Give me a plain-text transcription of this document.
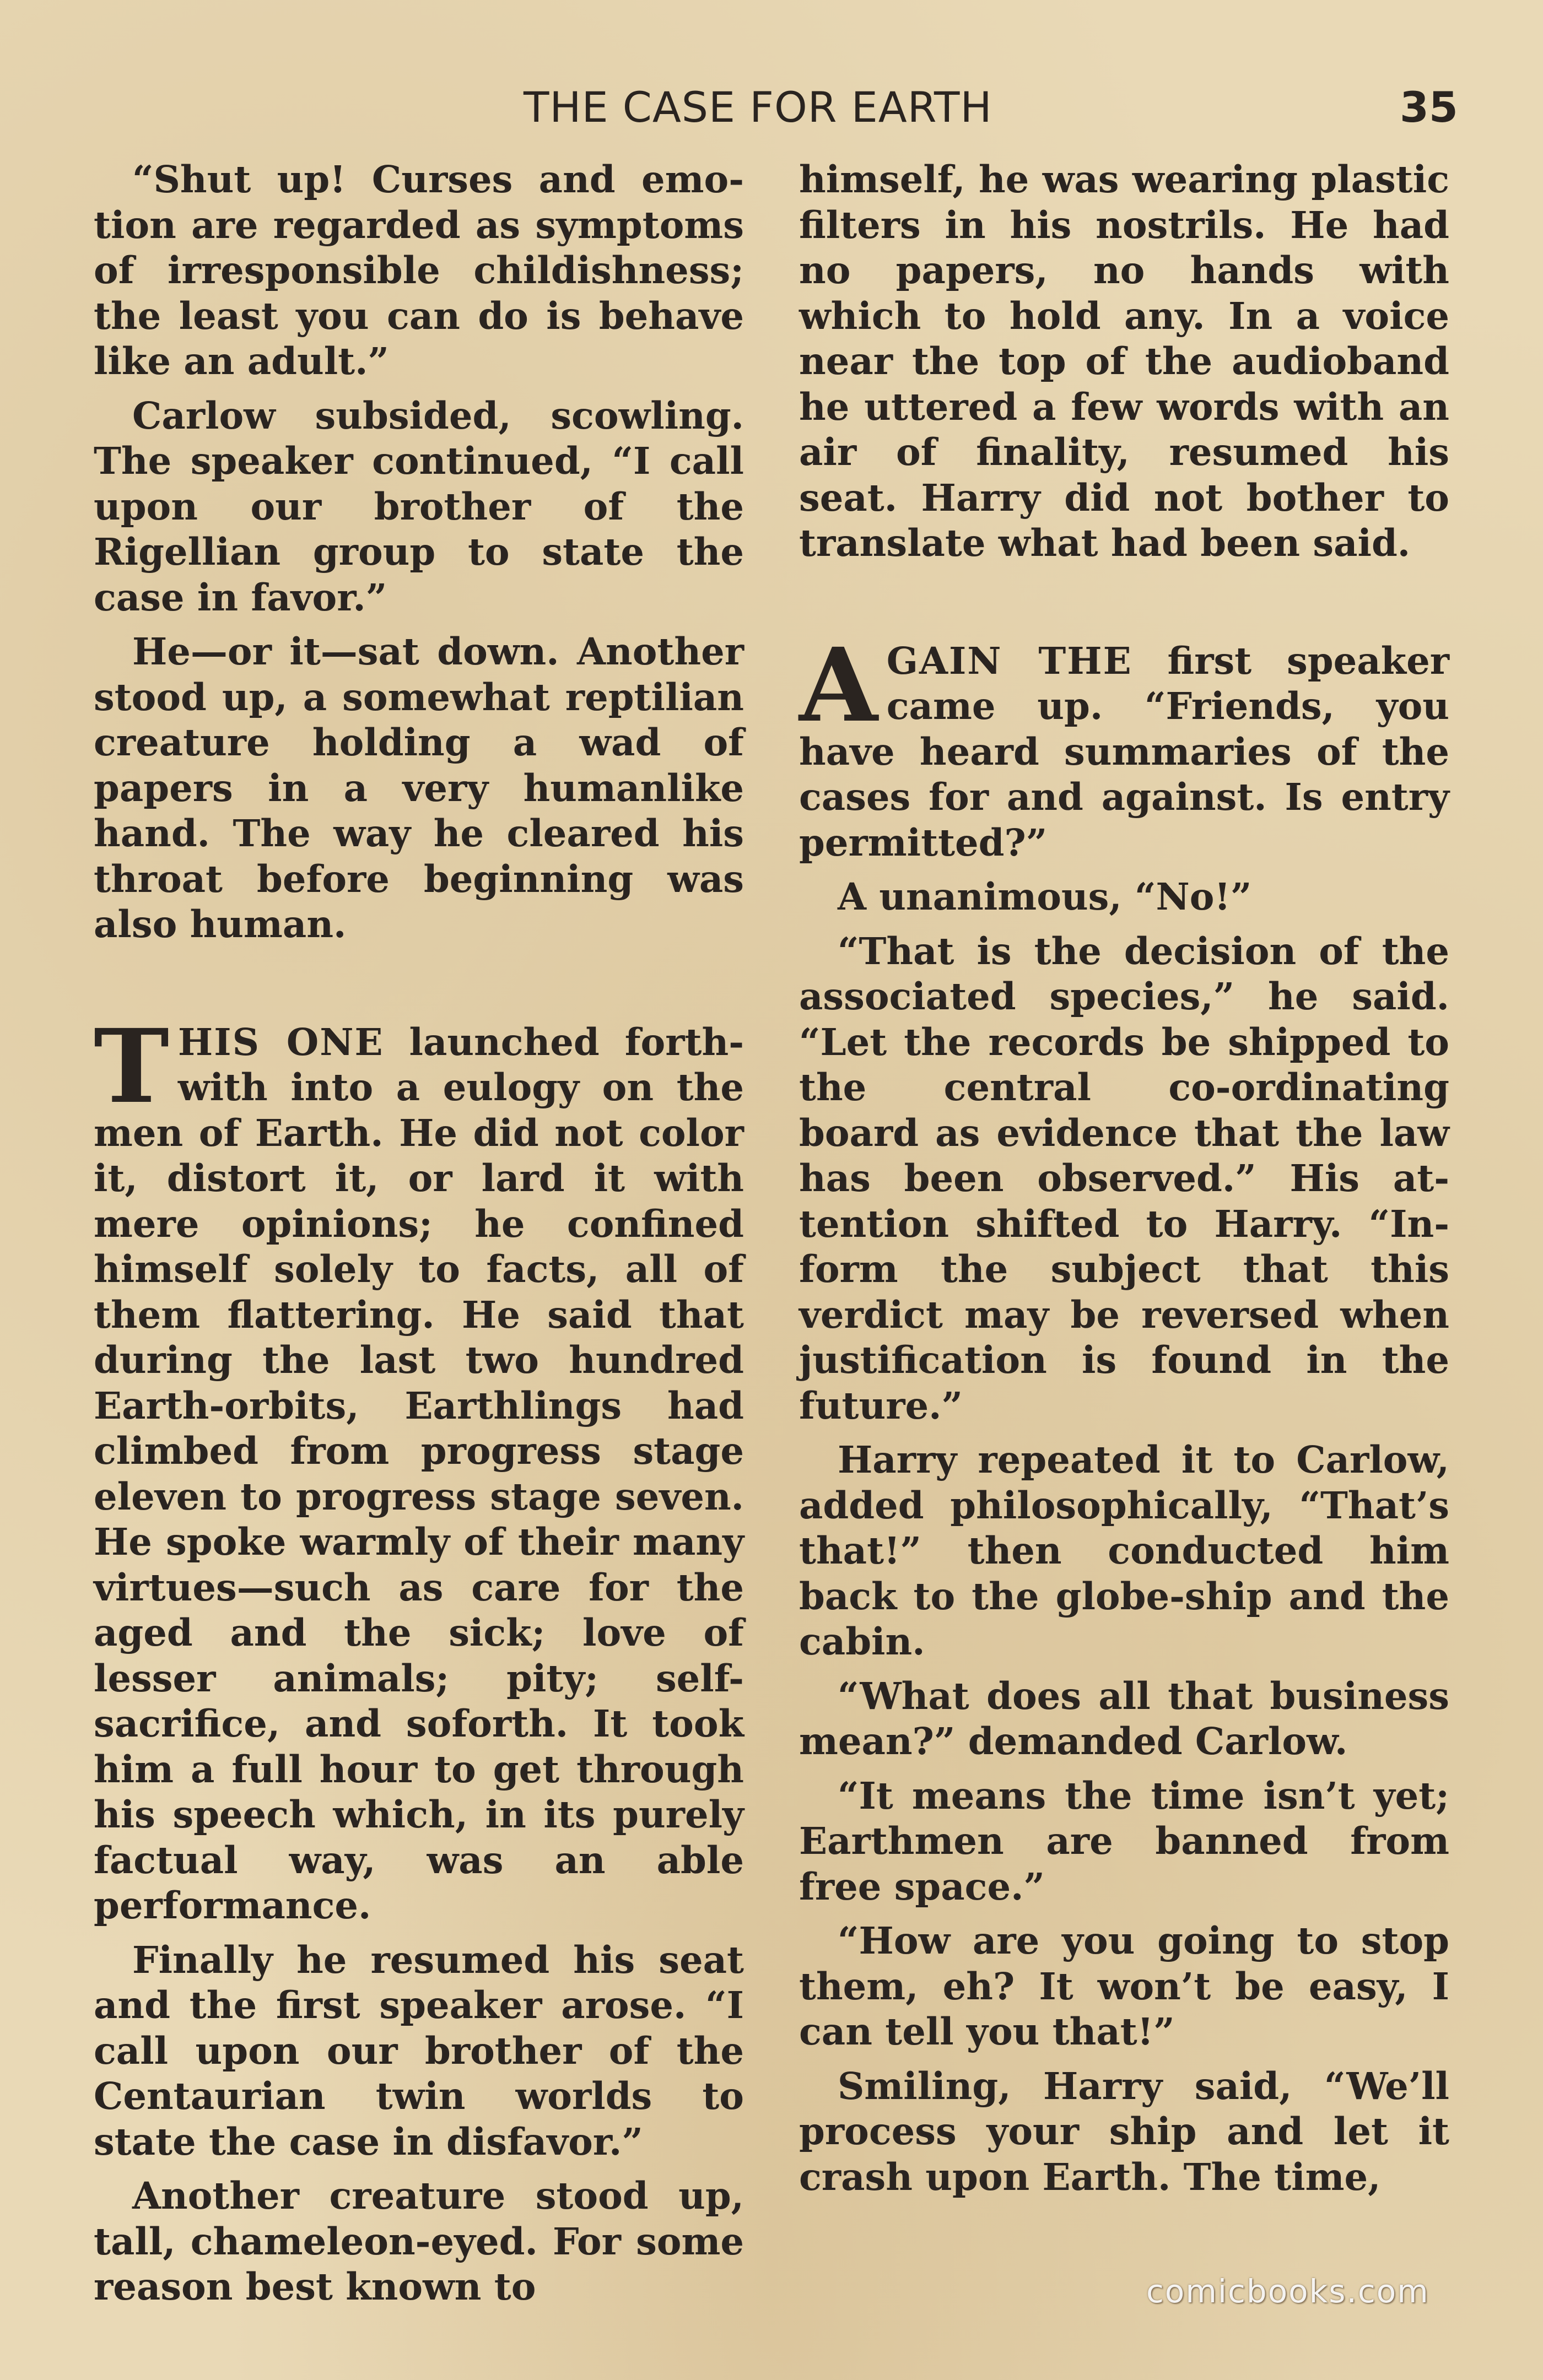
THE CASE FOR EARTH	35

“Shut up! Curses and emotion are regarded as symptoms of irresponsible childishness; the least you can do is behave like an adult.”

Carlow subsided, scowling. The speaker continued, “I call upon our brother of the Rigellian group to state the case in favor.”

He—or it—sat down. Another stood up, a somewhat reptilian creature holding a wad of papers in a very humanlike hand. The way he cleared his throat before beginning was also human.

THIS ONE launched forthwith into a eulogy on the men of Earth. He did not color it, distort it, or lard it with mere opinions; he confined himself solely to facts, all of them flattering. He said that during the last two hundred Earth-orbits, Earthlings had climbed from progress stage eleven to progress stage seven. He spoke warmly of their many virtues—such as care for the aged and the sick; love of lesser animals; pity; self-sacrifice, and soforth. It took him a full hour to get through his speech which, in its purely factual way, was an able performance.

Finally he resumed his seat and the first speaker arose. “I call upon our brother of the Centaurian twin worlds to state the case in disfavor.”

Another creature stood up, tall, chameleon-eyed. For some reason best known to

himself, he was wearing plastic filters in his nostrils. He had no papers, no hands with which to hold any. In a voice near the top of the audioband he uttered a few words with an air of finality, resumed his seat. Harry did not bother to translate what had been said.

AGAIN THE first speaker came up. “Friends, you have heard summaries of the cases for and against. Is entry permitted?”

A unanimous, “No!”

“That is the decision of the associated species,” he said. “Let the records be shipped to the central co-ordinating board as evidence that the law has been observed.” His attention shifted to Harry. “Inform the subject that this verdict may be reversed when justification is found in the future.”

Harry repeated it to Carlow, added philosophically, “That’s that!” then conducted him back to the globe-ship and the cabin.

“What does all that business mean?” demanded Carlow.

“It means the time isn’t yet; Earthmen are banned from free space.”

“How are you going to stop them, eh? It won’t be easy, I can tell you that!”

Smiling, Harry said, “We’ll process your ship and let it crash upon Earth. The time,

comicbooks.com
